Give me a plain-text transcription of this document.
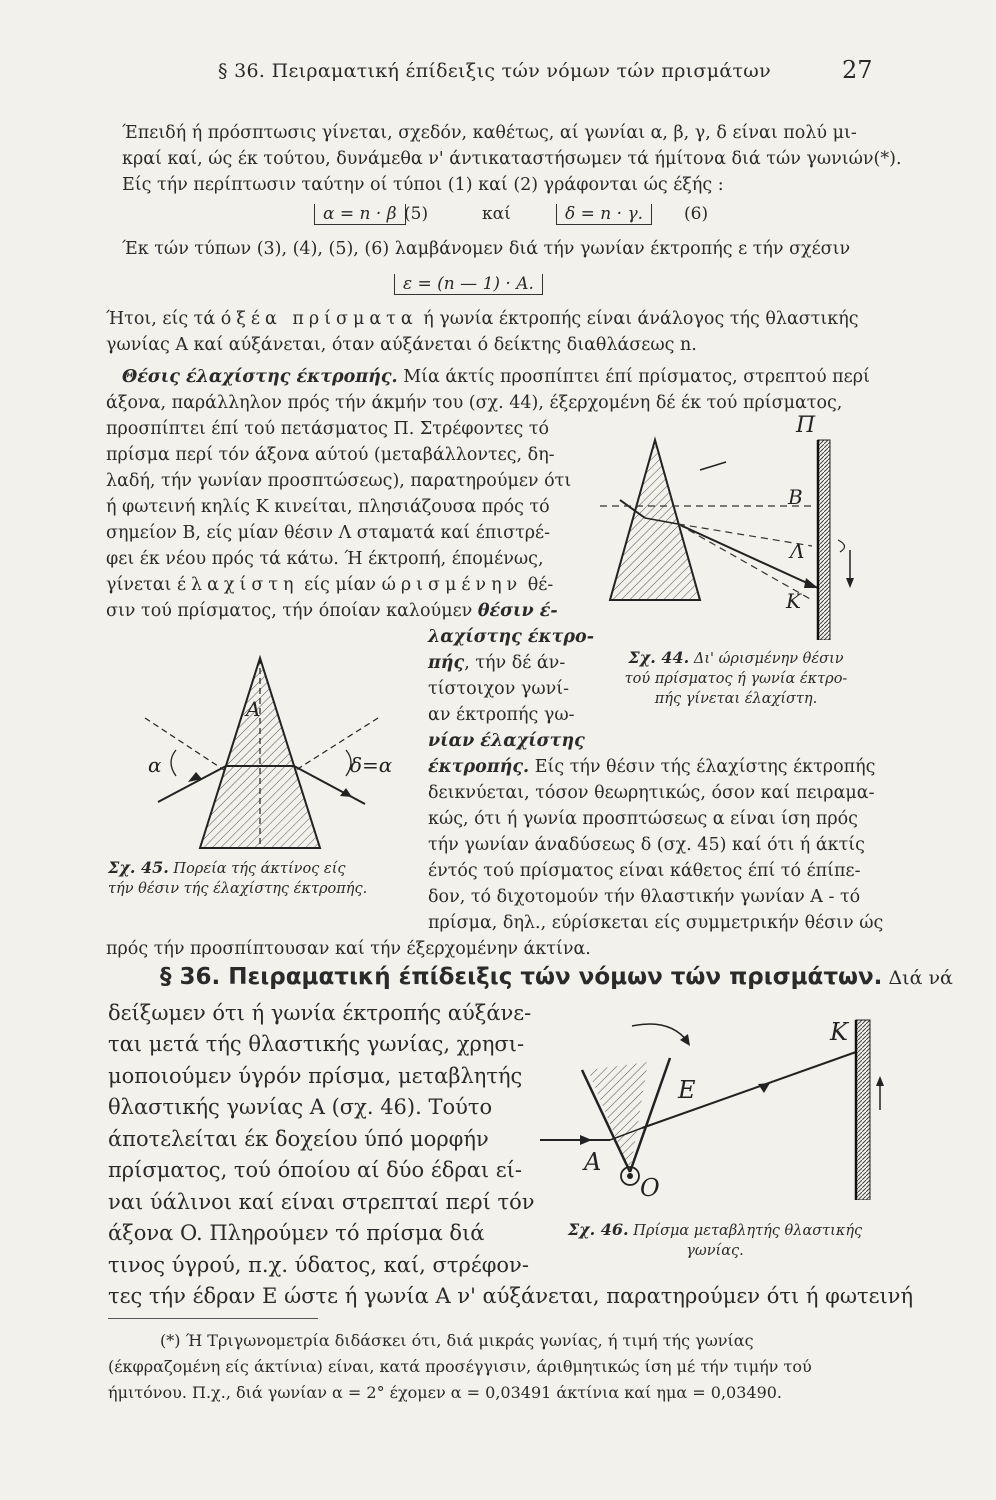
§ 36. Πειραματική έπίδειξις τών νόμων τών πρισμάτων	27

Έπειδή ή πρόσπτωσις γίνεται, σχεδόν, καθέτως, αί γωνίαι α, β, γ, δ είναι πολύ μι-

κραί καί, ώς έκ τούτου, δυνάμεθα ν' άντικαταστήσωμεν τά ήμίτονα διά τών γωνιών(*).

Είς τήν περίπτωσιν ταύτην οί τύποι (1) καί (2) γράφονται ώς έξής :

α = n · β (5)	καί	δ = n · γ.	(6)

Έκ τών τύπων (3), (4), (5), (6) λαμβάνομεν διά τήν γωνίαν έκτροπής ε τήν σχέσιν

ε = (n — 1) · A.

Ήτοι, είς τά όξέα πρίσματα ή γωνία έκτροπής είναι άνάλογος τής θλαστικής

γωνίας A καί αύξάνεται, όταν αύξάνεται ό δείκτης διαθλάσεως n.

Θέσις έλαχίστης έκτροπής. Μία άκτίς προσπίπτει έπί πρίσματος, στρεπτού περί

άξονα, παράλληλον πρός τήν άκμήν του (σχ. 44), έξερχομένη δέ έκ τού πρίσματος,

προσπίπτει έπί τού πετάσματος Π. Στρέφοντες τό

πρίσμα περί τόν άξονα αύτού (μεταβάλλοντες, δη-

λαδή, τήν γωνίαν προσπτώσεως), παρατηρούμεν ότι

ή φωτεινή κηλίς K κινείται, πλησιάζουσα πρός τό

σημείον B, είς μίαν θέσιν Λ σταματά καί έπιστρέ-

φει έκ νέου πρός τά κάτω. Ή έκτροπή, έπομένως,

γίνεται έλαχίστη είς μίαν ώρισμένην θέ-

σιν τού πρίσματος, τήν όποίαν καλούμεν θέσιν έ-

λαχίστης έκτρο-

πής, τήν δέ άν-

τίστοιχον γωνί-

αν έκτροπής γω-

νίαν έλαχίστης

έκτροπής. Είς τήν θέσιν τής έλαχίστης έκτροπής

δεικνύεται, τόσον θεωρητικώς, όσον καί πειραμα-

κώς, ότι ή γωνία προσπτώσεως α είναι ίση πρός

τήν γωνίαν άναδύσεως δ (σχ. 45) καί ότι ή άκτίς

έντός τού πρίσματος είναι κάθετος έπί τό έπίπε-

δον, τό διχοτομούν τήν θλαστικήν γωνίαν A - τό

πρίσμα, δηλ., εύρίσκεται είς συμμετρικήν θέσιν ώς

πρός τήν προσπίπτουσαν καί τήν έξερχομένην άκτίνα.

Π
B
Λ
K
Σχ. 44. Δι' ώρισμένην θέσιν
τού πρίσματος ή γωνία έκτρο-
πής γίνεται έλαχίστη.
α	δ=α
A
Σχ. 45. Πορεία τής άκτίνος είς
τήν θέσιν τής έλαχίστης έκτροπής.
§ 36. Πειραματική έπίδειξις τών νόμων τών πρισμάτων. Διά νά
δείξωμεν ότι ή γωνία έκτροπής αύξάνε-
ται μετά τής θλαστικής γωνίας, χρησι-
μοποιούμεν ύγρόν πρίσμα, μεταβλητής
θλαστικής γωνίας A (σχ. 46). Τούτο
άποτελείται έκ δοχείου ύπό μορφήν
πρίσματος, τού όποίου αί δύο έδραι εί-
ναι ύάλινοι καί είναι στρεπταί περί τόν
άξονα O. Πληρούμεν τό πρίσμα διά
τινος ύγρού, π.χ. ύδατος, καί, στρέφον-
τες τήν έδραν E ώστε ή γωνία A ν' αύξάνεται, παρατηρούμεν ότι ή φωτεινή
K
E
A
O
Σχ. 46. Πρίσμα μεταβλητής θλαστικής
γωνίας.
(*) Ή Τριγωνομετρία διδάσκει ότι, διά μικράς γωνίας, ή τιμή τής γωνίας
(έκφραζομένη είς άκτίνια) είναι, κατά προσέγγισιν, άριθμητικώς ίση μέ τήν τιμήν τού
ήμιτόνου. Π.χ., διά γωνίαν α = 2° έχομεν α = 0,03491 άκτίνια καί ημα = 0,03490.
